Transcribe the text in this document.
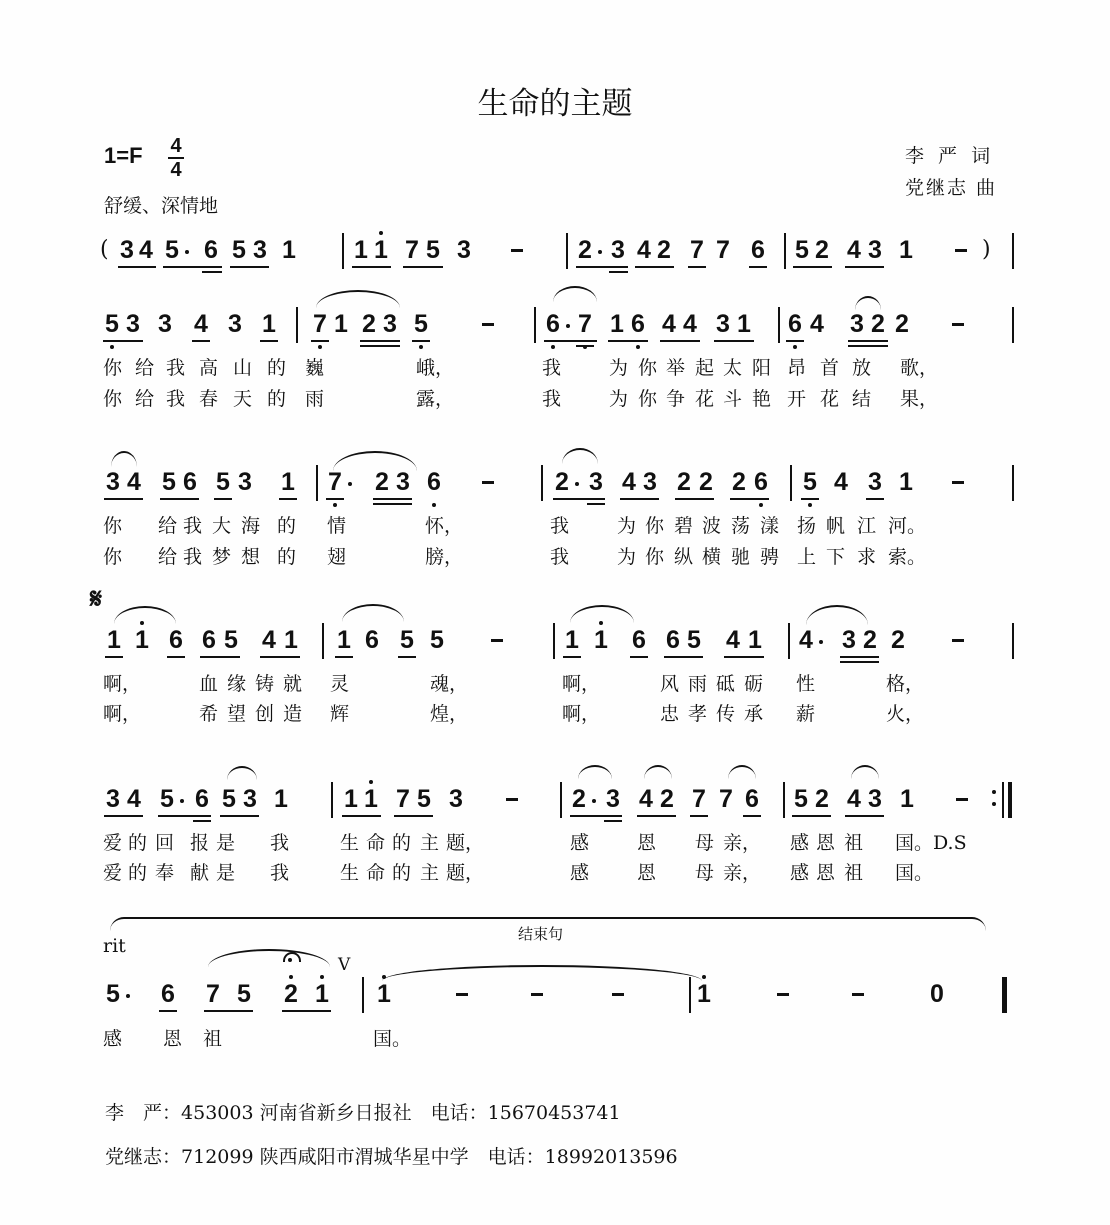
生命的主题
1=F 4
4
舒缓、深情地
李 严 词
党继志 曲
( 3 4 5 6 5 3 1 1 1 7 5 3	2 3 4 2 7 7 6 5 2 4 3 1	)
5 3 3 4 3 1 7 1 2 3 5	6 7 1 6 4 4 3 1 6 4 3 2 2
你 给 我 高 山 的 巍	峨，	我	为 你 举 起 太 阳 昂 首 放 歌，
你 给 我 春 天 的 雨	露，	我	为 你 争 花 斗 艳 开 花 结 果，
3 4 5 6 5 3 1 7 2 3 6	2 3 4 3 2 2 2 6 5 4 3 1
你 给 我 大 海 的 情	怀，	我	为 你 碧 波 荡 漾 扬 帆 江 河。
你 给 我 梦 想 的 翅	膀，	我	为 你 纵 横 驰 骋 上 下 求 索。
𝄋
1 1 6 6 5 4 1 1 6 5 5	1 1 6 6 5 4 1 4 3 2 2
啊，	血 缘 铸 就 灵	魂，	啊，	风 雨 砥 砺 性	格，
啊，	希 望 创 造 辉	煌，	啊，	忠 孝 传 承 薪	火，
3 4 5 6 5 3 1 1 1 7 5 3	2 3 4 2 7 7 6 5 2 4 3 1
爱 的 回 报 是 我	生 命 的 主 题，	感	恩 母 亲， 感 恩 祖 国。D.S
爱 的 奉 献 是 我	生 命 的 主 题，	感	恩 母 亲， 感 恩 祖 国。
rit
结束句
V
5 6 7 5 2 1 1	1	0
感 恩 祖	国。
李　严：453003 河南省新乡日报社　 电话：15670453741
党继志：712099 陕西咸阳市渭城华星中学　 电话：18992013596
